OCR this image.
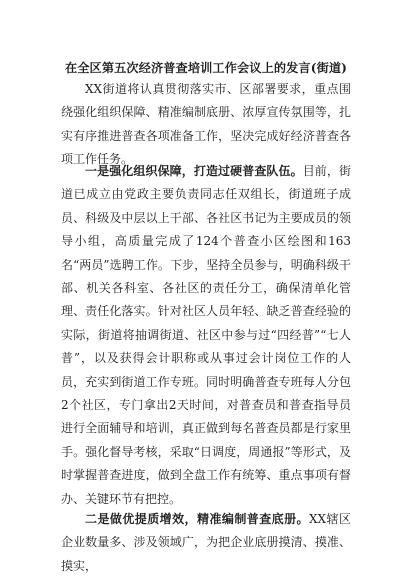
在全区第五次经济普查培训工作会议上的发言(街道)

XX街道将认真贯彻落实市、区部署要求，重点围绕强化组织保障、精准编制底册、浓厚宣传氛围等，扎实有序推进普查各项准备工作，坚决完成好经济普查各项工作任务。

一是强化组织保障，打造过硬普查队伍。目前，街道已成立由党政主要负责同志任双组长，街道班子成员、科级及中层以上干部、各社区书记为主要成员的领导小组，高质量完成了124个普查小区绘图和163名“两员”选聘工作。下步，坚持全员参与，明确科级干部、机关各科室、各社区的责任分工，确保清单化管理、责任化落实。针对社区人员年轻、缺乏普查经验的实际，街道将抽调街道、社区中参与过“四经普”“七人普”，以及获得会计职称或从事过会计岗位工作的人员，充实到街道工作专班。同时明确普查专班每人分包2个社区，专门拿出2天时间，对普查员和普查指导员进行全面辅导和培训，真正做到每名普查员都是行家里手。强化督导考核，采取“日调度，周通报”等形式，及时掌握普查进度，做到全盘工作有统筹、重点事项有督办、关键环节有把控。

二是做优提质增效，精准编制普查底册。XX辖区企业数量多、涉及领域广，为把企业底册摸清、摸准、摸实，
